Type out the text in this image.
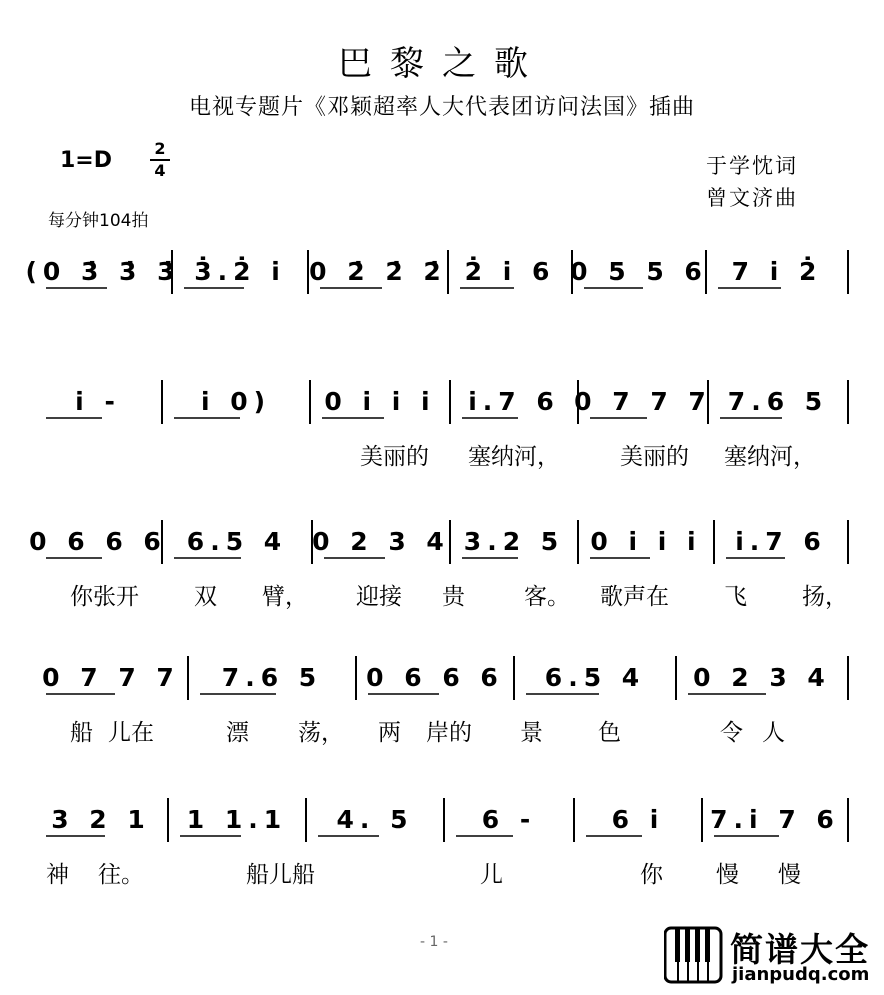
巴黎之歌
电视专题片《邓颖超率人大代表团访问法国》插曲
1=D	2
4
每分钟104拍
于学忱词
曾文济曲
(0 3̇ 3̇ 3̇ 3̇.2̇ i̇ 0 2̇ 2̇ 2̇ 2̇ i̇ 6 0 5 5 6 7 i̇ 2̇
i̇ -	i̇ 0) 0 i̇ i̇ i̇ i̇.7 6 0 7 7 7 7.6 5
美丽的 塞纳河，	美丽的 塞纳河，
0 6 6 6 6.5 4 0 2 3 4 3.2 5 0 i̇ i̇ i̇ i̇.7 6
你张开 双 臂， 迎接 贵	客。 歌声在 飞 扬，
0 7 7 7 7.6 5 0 6 6 6 6.5 4 0 2 3 4
船 儿在	漂 荡， 两 岸的 景 色	令 人
3 2 1 1 1.1 4. 5	6 -	6 i̇ 7.i̇ 7 6
神 往。	船儿船	儿	你 慢 慢
- 1 -	简谱大全
jianpudq.com
